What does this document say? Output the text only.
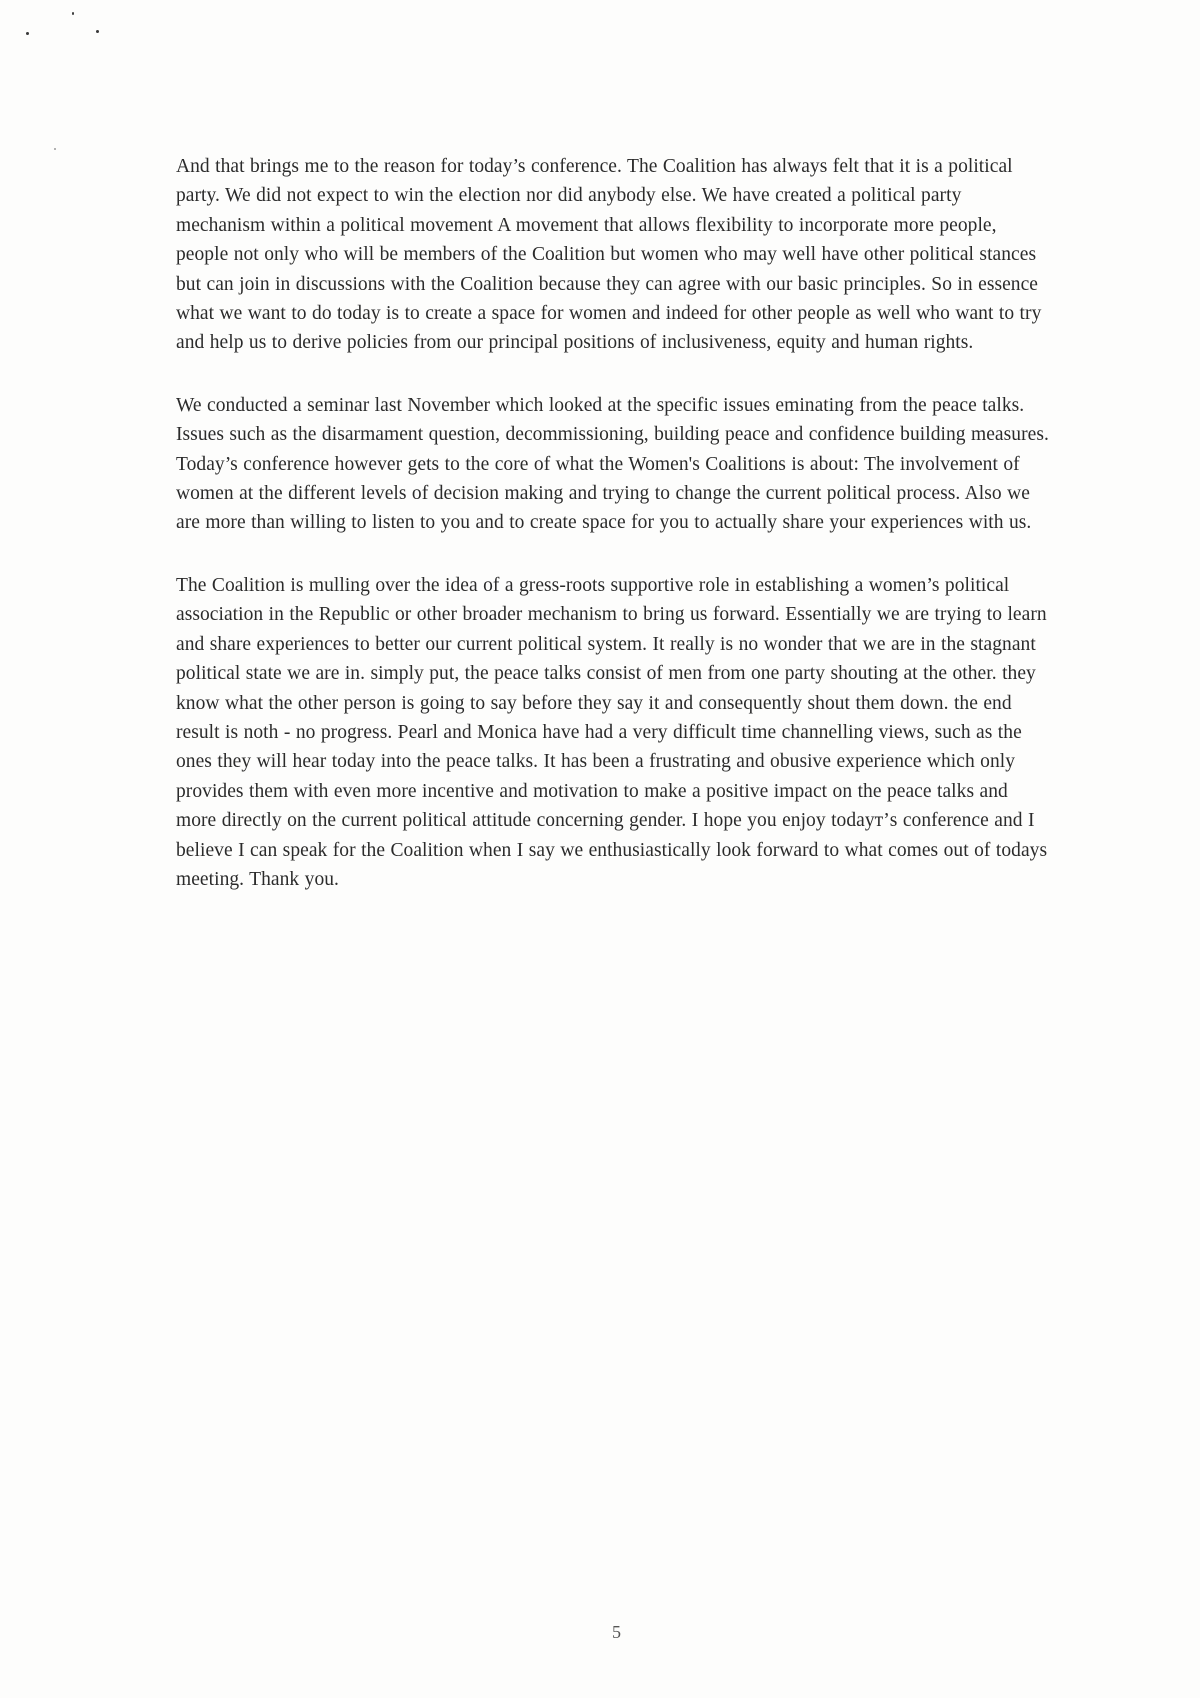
And that brings me to the reason for today’s conference. The Coalition has always felt that it is a political party. We did not expect to win the election nor did anybody else. We have created a political party mechanism within a political movement A movement that allows flexibility to incorporate more people, people not only who will be members of the Coalition but women who may well have other political stances but can join in discussions with the Coalition because they can agree with our basic principles. So in essence what we want to do today is to create a space for women and indeed for other people as well who want to try and help us to derive policies from our principal positions of inclusiveness, equity and human rights.

We conducted a seminar last November which looked at the specific issues eminating from the peace talks. Issues such as the disarmament question, decommissioning, building peace and confidence building measures. Today’s conference however gets to the core of what the Women's Coalitions is about: The involvement of women at the different levels of decision making and trying to change the current political process. Also we are more than willing to listen to you and to create space for you to actually share your experiences with us.

The Coalition is mulling over the idea of a gress-roots supportive role in establishing a women’s political association in the Republic or other broader mechanism to bring us forward. Essentially we are trying to learn and share experiences to better our current political system. It really is no wonder that we are in the stagnant political state we are in. simply put, the peace talks consist of men from one party shouting at the other. they know what the other person is going to say before they say it and consequently shout them down. the end result is noth - no progress. Pearl and Monica have had a very difficult time channelling views, such as the ones they will hear today into the peace talks. It has been a frustrating and obusive experience which only provides them with even more incentive and motivation to make a positive impact on the peace talks and more directly on the current political attitude concerning gender. I hope you enjoy todayт’s conference and I believe I can speak for the Coalition when I say we enthusiastically look forward to what comes out of todays meeting. Thank you.

5
